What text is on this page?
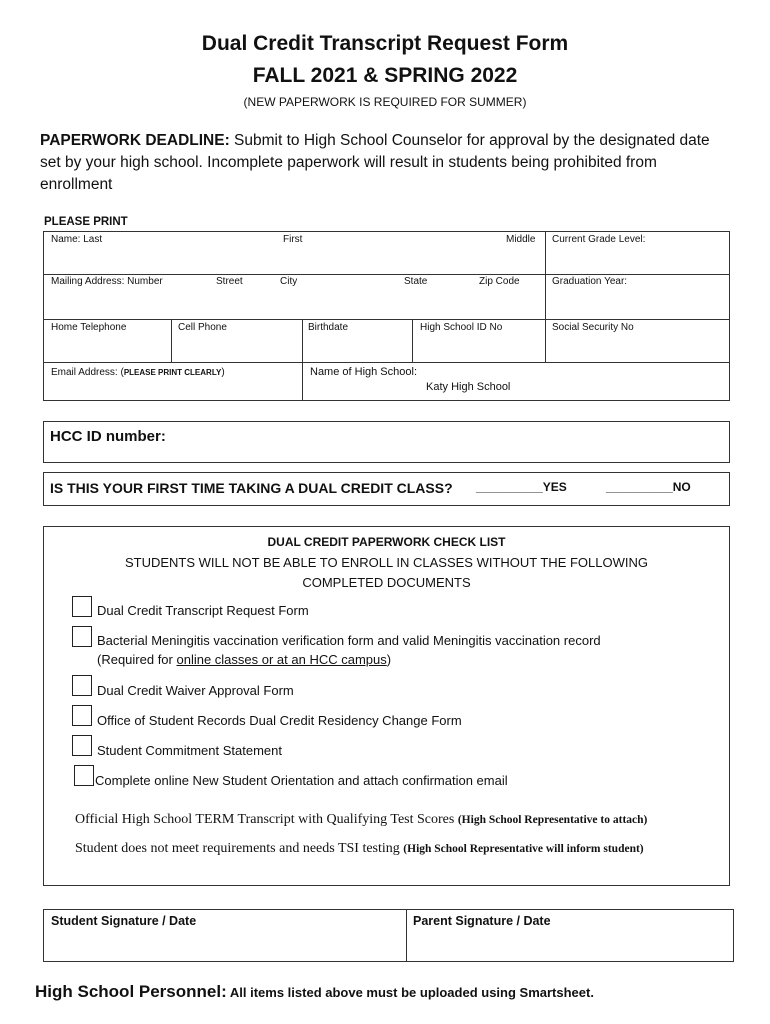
Dual Credit Transcript Request Form
FALL 2021 & SPRING 2022
(NEW PAPERWORK IS REQUIRED FOR SUMMER)
PAPERWORK DEADLINE: Submit to High School Counselor for approval by the designated date set by your high school. Incomplete paperwork will result in students being prohibited from enrollment
PLEASE PRINT
Name: Last	First	Middle Current Grade Level:
Mailing Address: Number	Street	City	State	Zip Code	Graduation Year:
Home Telephone	Cell Phone	Birthdate	High School ID No	Social Security No
Email Address: (PLEASE PRINT CLEARLY)	Name of High School:
Katy High School
HCC ID number:
IS THIS YOUR FIRST TIME TAKING A DUAL CREDIT CLASS? __________YES	__________NO
DUAL CREDIT PAPERWORK CHECK LIST
STUDENTS WILL NOT BE ABLE TO ENROLL IN CLASSES WITHOUT THE FOLLOWING COMPLETED DOCUMENTS
Dual Credit Transcript Request Form
Bacterial Meningitis vaccination verification form and valid Meningitis vaccination record
(Required for online classes or at an HCC campus)
Dual Credit Waiver Approval Form
Office of Student Records Dual Credit Residency Change Form
Student Commitment Statement
Complete online New Student Orientation and attach confirmation email
Official High School TERM Transcript with Qualifying Test Scores (High School Representative to attach)
Student does not meet requirements and needs TSI testing (High School Representative will inform student)
Student Signature / Date	Parent Signature / Date
High School Personnel: All items listed above must be uploaded using Smartsheet.
